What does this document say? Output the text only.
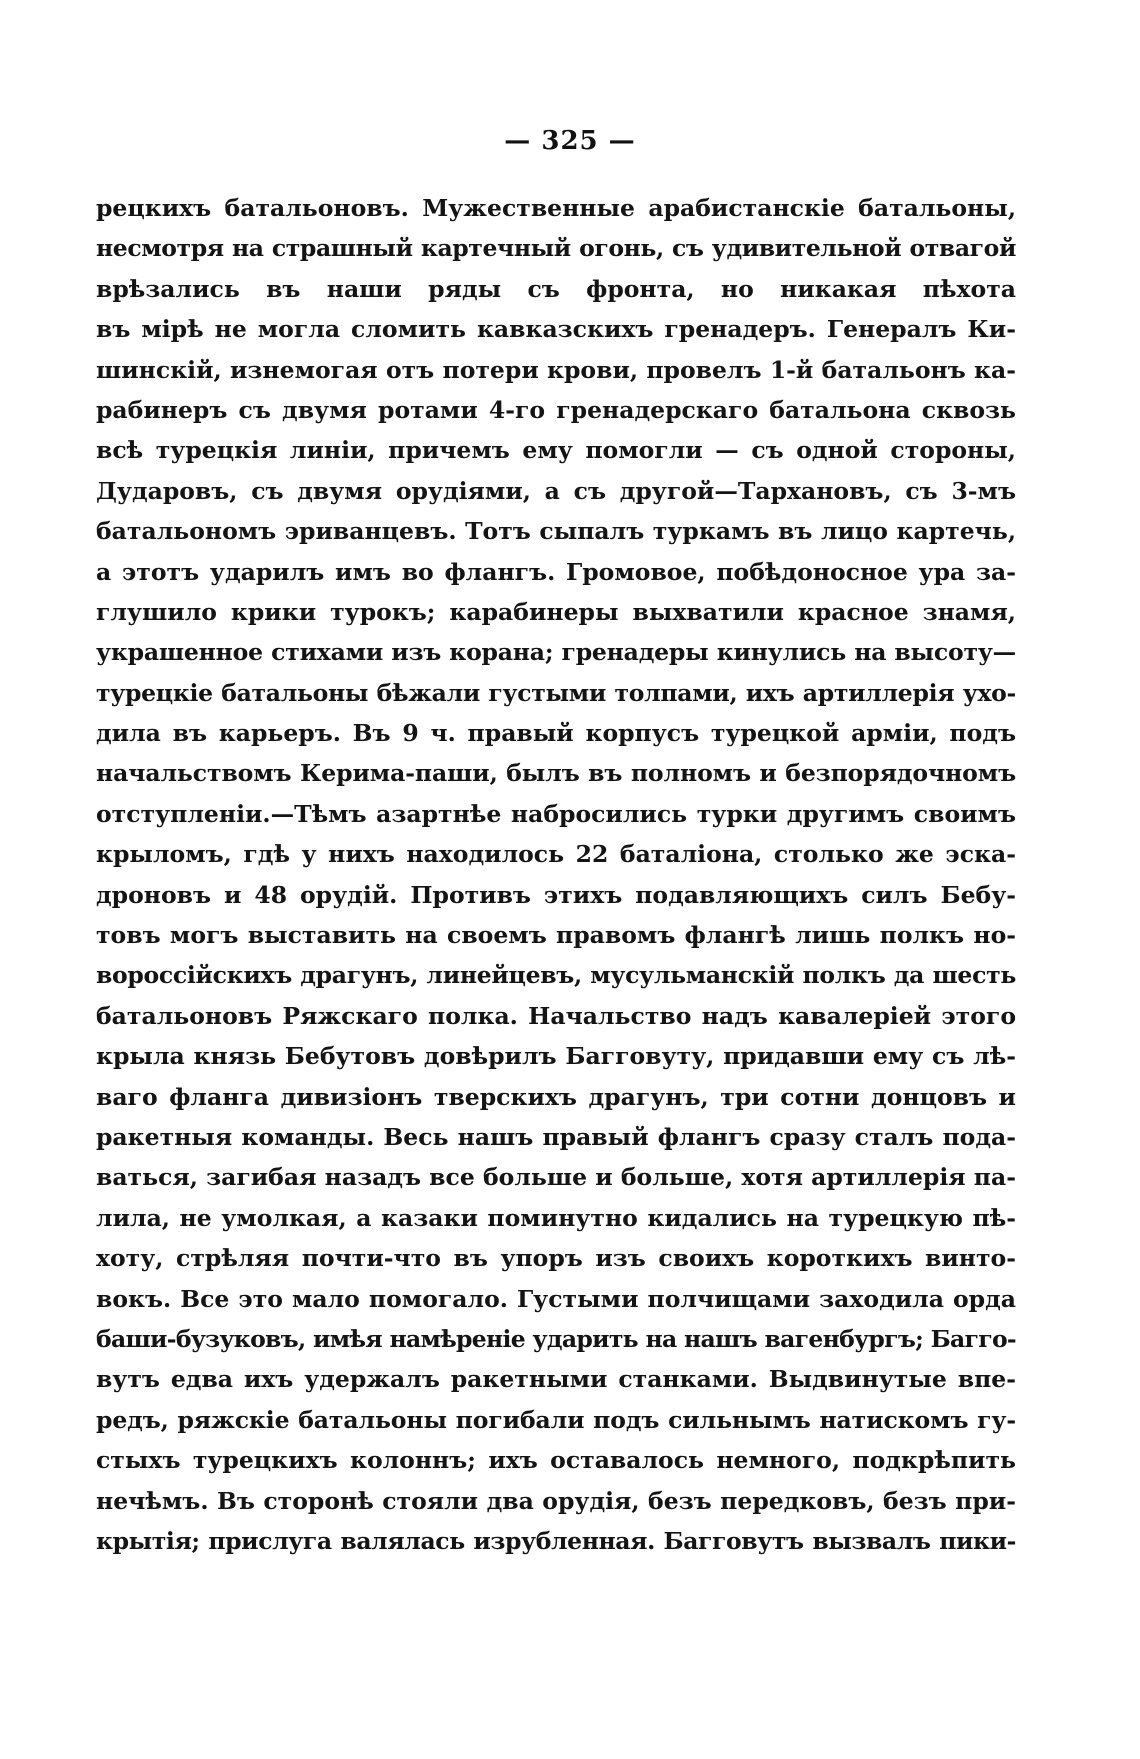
— 325 —
рецкихъ батальоновъ. Мужественные арабистанскіе батальоны,
несмотря на страшный картечный огонь, съ удивительной отвагой
врѣзались въ наши ряды съ фронта, но никакая пѣхота
въ мірѣ не могла сломить кавказскихъ гренадеръ. Генералъ Ки-
шинскій, изнемогая отъ потери крови, провелъ 1-й батальонъ ка-
рабинеръ съ двумя ротами 4-го гренадерскаго батальона сквозь
всѣ турецкія линіи, причемъ ему помогли — съ одной стороны,
Дударовъ, съ двумя орудіями, а съ другой—Тархановъ, съ 3-мъ
батальономъ эриванцевъ. Тотъ сыпалъ туркамъ въ лицо картечь,
а этотъ ударилъ имъ во флангъ. Громовое, побѣдоносное ура за-
глушило крики турокъ; карабинеры выхватили красное знамя,
украшенное стихами изъ корана; гренадеры кинулись на высоту—
турецкіе батальоны бѣжали густыми толпами, ихъ артиллерія ухо-
дила въ карьеръ. Въ 9 ч. правый корпусъ турецкой арміи, подъ
начальствомъ Керима-паши, былъ въ полномъ и безпорядочномъ
отступленіи.—Тѣмъ азартнѣе набросились турки другимъ своимъ
крыломъ, гдѣ у нихъ находилось 22 баталіона, столько же эска-
дроновъ и 48 орудій. Противъ этихъ подавляющихъ силъ Бебу-
товъ могъ выставить на своемъ правомъ флангѣ лишь полкъ но-
вороссійскихъ драгунъ, линейцевъ, мусульманскій полкъ да шесть
батальоновъ Ряжскаго полка. Начальство надъ кавалеріей этого
крыла князь Бебутовъ довѣрилъ Багговуту, придавши ему съ лѣ-
ваго фланга дивизіонъ тверскихъ драгунъ, три сотни донцовъ и
ракетныя команды. Весь нашъ правый флангъ сразу сталъ пода-
ваться, загибая назадъ все больше и больше, хотя артиллерія па-
лила, не умолкая, а казаки поминутно кидались на турецкую пѣ-
хоту, стрѣляя почти-что въ упоръ изъ своихъ короткихъ винто-
вокъ. Все это мало помогало. Густыми полчищами заходила орда
баши-бузуковъ, имѣя намѣреніе ударить на нашъ вагенбургъ; Багго-
вутъ едва ихъ удержалъ ракетными станками. Выдвинутые впе-
редъ, ряжскіе батальоны погибали подъ сильнымъ натискомъ гу-
стыхъ турецкихъ колоннъ; ихъ оставалось немного, подкрѣпить
нечѣмъ. Въ сторонѣ стояли два орудія, безъ передковъ, безъ при-
крытія; прислуга валялась изрубленная. Багговутъ вызвалъ пики-
